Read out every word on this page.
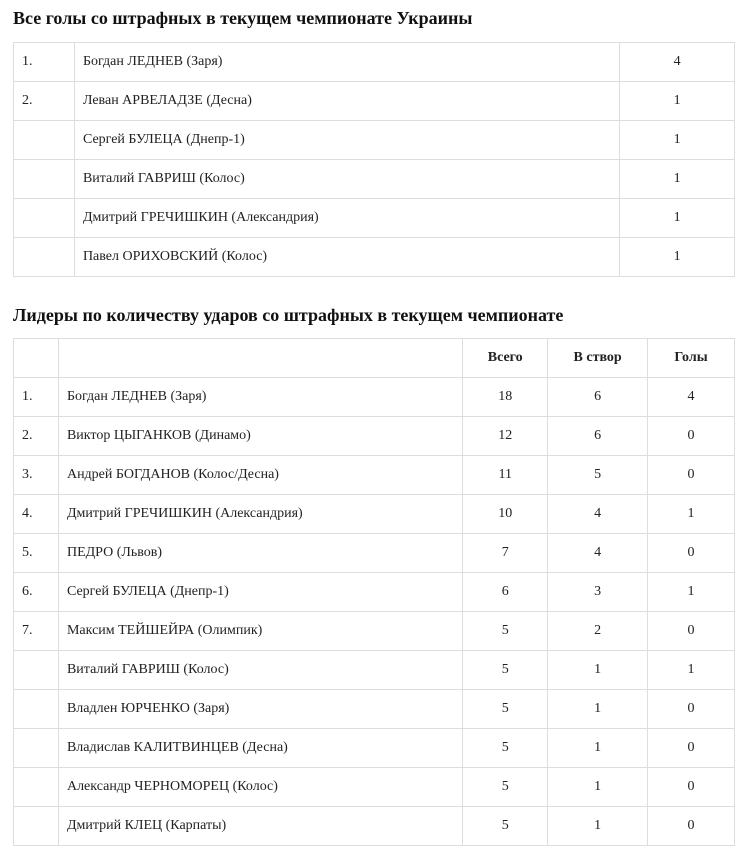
Все голы со штрафных в текущем чемпионате Украины
1.	Богдан ЛЕДНЕВ (Заря)	4
2.	Леван АРВЕЛАДЗЕ (Десна)	1
	Сергей БУЛЕЦА (Днепр-1)	1
	Виталий ГАВРИШ (Колос)	1
	Дмитрий ГРЕЧИШКИН (Александрия)	1
	Павел ОРИХОВСКИЙ (Колос)	1
Лидеры по количеству ударов со штрафных в текущем чемпионате
		Всего	В створ	Голы
1.	Богдан ЛЕДНЕВ (Заря)	18	6	4
2.	Виктор ЦЫГАНКОВ (Динамо)	12	6	0
3.	Андрей БОГДАНОВ (Колос/Десна)	11	5	0
4.	Дмитрий ГРЕЧИШКИН (Александрия)	10	4	1
5.	ПЕДРО (Львов)	7	4	0
6.	Сергей БУЛЕЦА (Днепр-1)	6	3	1
7.	Максим ТЕЙШЕЙРА (Олимпик)	5	2	0
	Виталий ГАВРИШ (Колос)	5	1	1
	Владлен ЮРЧЕНКО (Заря)	5	1	0
	Владислав КАЛИТВИНЦЕВ (Десна)	5	1	0
	Александр ЧЕРНОМОРЕЦ (Колос)	5	1	0
	Дмитрий КЛЕЦ (Карпаты)	5	1	0
